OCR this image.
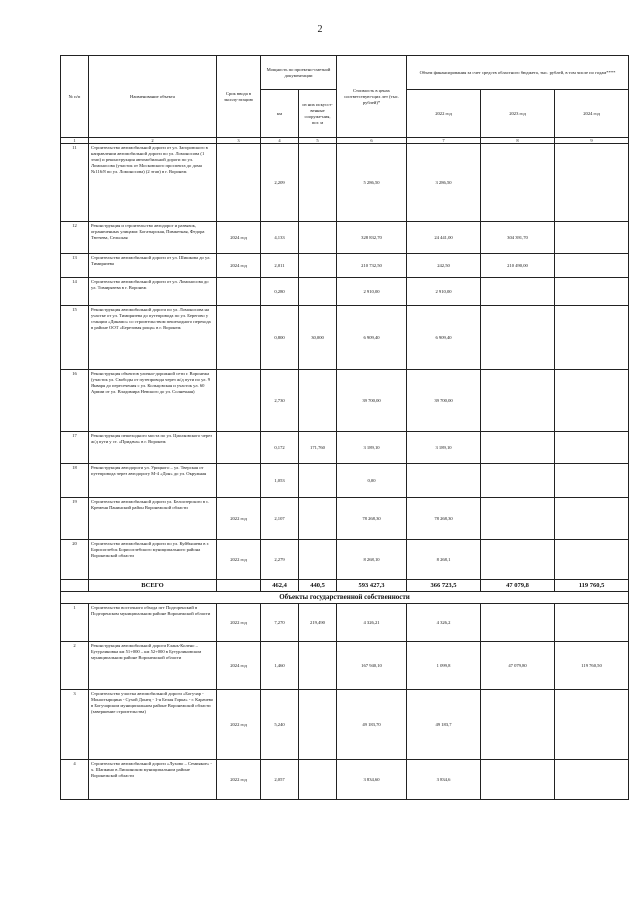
2
№ п/п	Наименование объекта	Срок ввода в эксплу-атацию	Мощность по проектно-сметной документации		Стоимость в ценах соответствую-щих лет (тыс. рублей)*	Объем финансирования за счет средств областного бюджета, тыс. рублей, в том числе по годам****		
			км	из них искусст-венные сооруже-ния, пог. м		2022 год	2023 год	2024 год
1	2	3	4	5	6	7	8	9
11	Строительство автомобильной дороги от ул. Загоровского в направлении автомобильной дороги по ул. Ломоносова (1 этап) и реконструкция автомобильной дороги по ул. Ломоносова (участок от Московского проспекта до дома №116/8 по ул. Ломоносова) (2 этап) в г. Воронеж		2,209		5 286,50	3 286,50		
12	Реконструкция и строительство автодорог и развязок, ограниченных улицами: Богатырская, Пимкетная, Федора Тютчева, Сельская	2024 год	4,133		328 832,70	24 441,00	304 391,70	
13	Строительство автомобильной дороги от ул. Шишкова до ул. Тимирязева	2024 год	2,011		210 732,50	242,50	210 490,00	
14	Строительство автомобильной дороги от ул. Ломоносова до ул. Тимирязева в г. Воронеж		0,280		2 910,00	2 910,00		
15	Реконструкция автомобильной дороги по ул. Ломоносова на участке от ул. Тимирязева до путепровода по ул. Берегово у станции «Динамо» со строительством пешеходного перехода в районе ООТ «Березовая роща» в г. Воронеж		0,800	30,000	6 909,40	6 909,40		
16	Реконструкция объектов улично-дорожной сети г. Воронежа (участок ул. Свободы от путепровода через ж/д пути по ул. 9 Января до пересечения с ул. Кольцовская и участок ул. 60 Армии от ул. Владимира Невского до ул. Солнечная)		2,730		39 700,00	39 700,00		
17	Реконструкция пешеходного моста по ул. Циолковского через ж/д пути у ст. «Придача» в г. Воронеж		0,172	171,760	3 189,10	3 189,10		
18	Реконструкция автодороги ул. Урицкого – ул. Тверская от путепровода через автодорогу М-4 «Дон» до ул. Окружная		1,053		0,00			
19	Строительство автомобильной дороги ул. Белоозерского в с. Кременя Панинский район Воронежской области	2022 год	2,107		78 268,30	78 268,30		
20	Строительство автомобильной дороги по ул. Куйбышева в г. Борисоглебск Борисоглебского муниципального района Воронежской области	2022 год	2,279		8 268,10	8 268,1		
	ВСЕГО		462,4	440,5	593 427,3	366 723,5	47 079,8	119 760,5
Объекты государственной собственности								
1	Строительство восточного обхода пгт Подгоренский в Подгоренском муниципальном районе Воронежской области	2022 год	7,270	219,490	4 326,21	4 326,2		
2	Реконструкция автомобильной дороги Елань-Колено – Бутурлиновка км 51+000 – км 52+000 в Бутурлиновском муниципальном районе Воронежской области	2024 год	1,460		167 940,10	1 099,8	47 079,80	119 760,50
3	Строительство участка автомобильной дороги «Богучар - Монастырщина - Сухой Донец - 1-я Белая Горка» - г. Карачево в Богучарском муниципальном районе Воронежской области (завершение строительства)	2022 год	5,240		49 183,70	49 183,7		
4	Строительство автомобильной дороги «Лухово – Семиякое» - х. Шапкино в Лискинском муниципальном районе Воронежской области	2022 год	2,057		3 834,60	3 834,6		
